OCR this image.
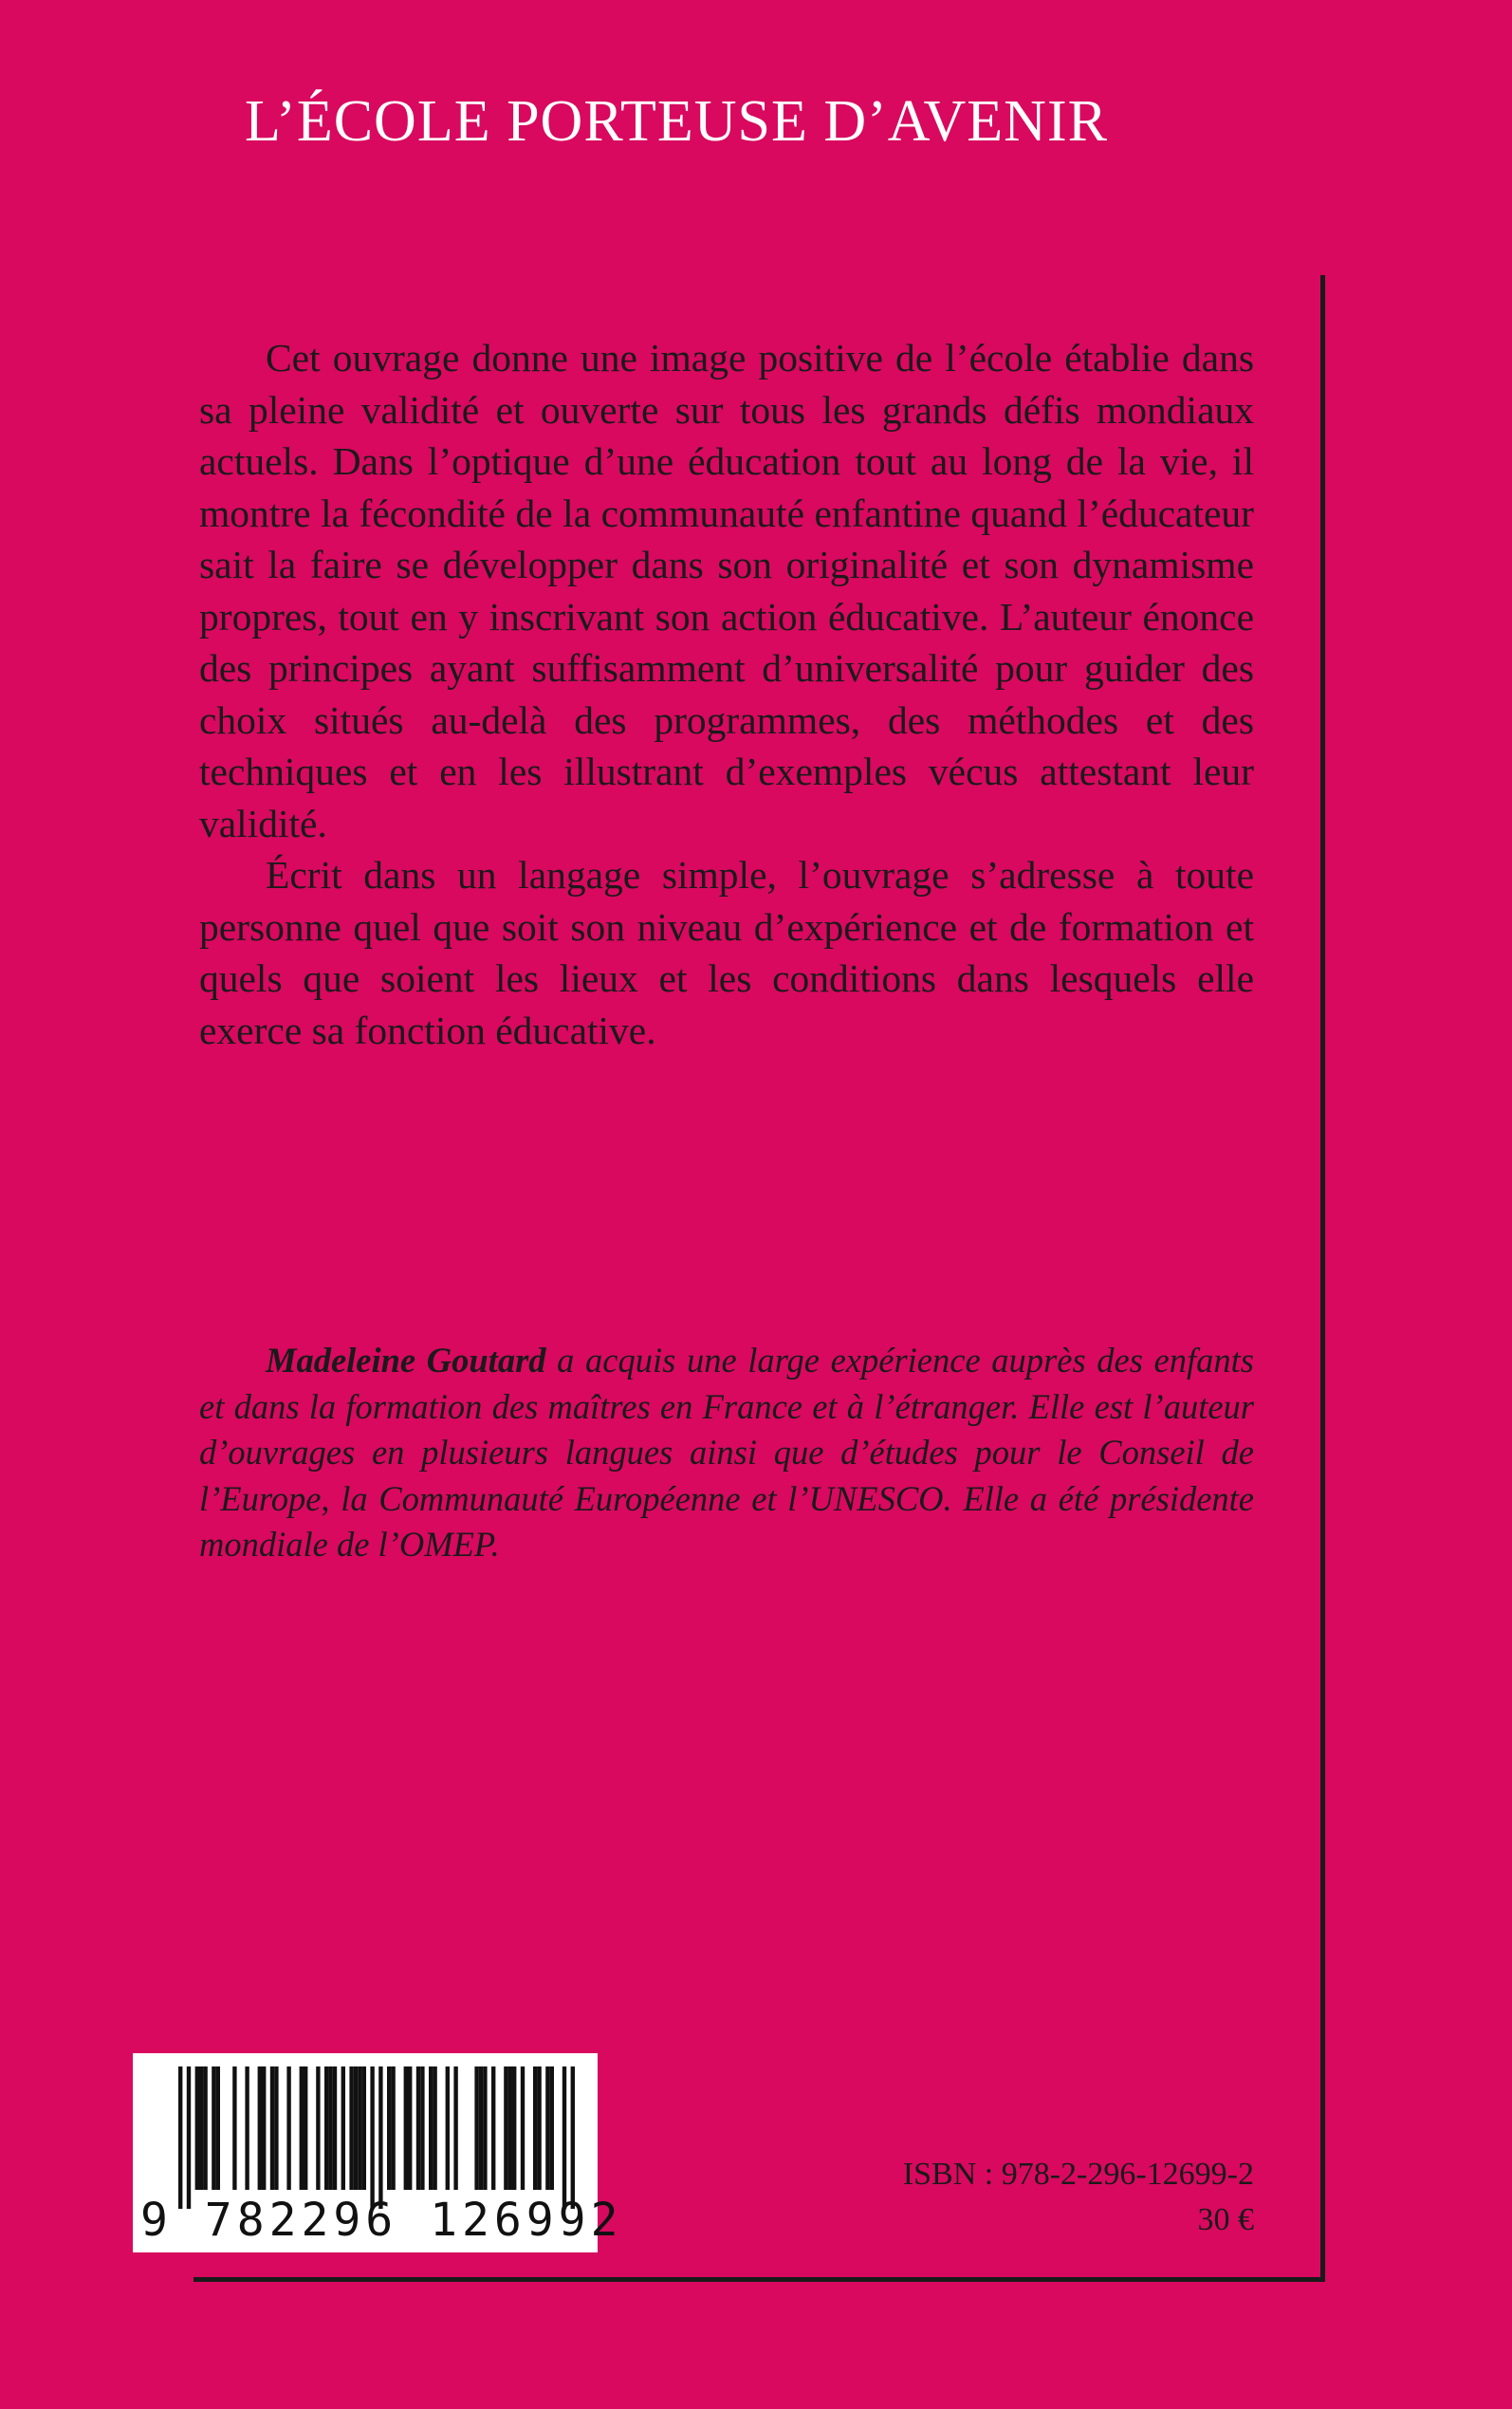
L’ÉCOLE PORTEUSE D’AVENIR

Cet ouvrage donne une image positive de l’école établie dans sa pleine validité et ouverte sur tous les grands défis mondiaux actuels. Dans l’optique d’une éducation tout au long de la vie, il montre la fécondité de la communauté enfantine quand l’éducateur sait la faire se développer dans son originalité et son dynamisme propres, tout en y inscrivant son action éducative. L’auteur énonce des principes ayant suffisamment d’universalité pour guider des choix situés au-delà des programmes, des méthodes et des techniques et en les illustrant d’exemples vécus attestant leur validité.

Écrit dans un langage simple, l’ouvrage s’adresse à toute personne quel que soit son niveau d’expérience et de formation et quels que soient les lieux et les conditions dans lesquels elle exerce sa fonction éducative.

Madeleine Goutard a acquis une large expérience auprès des enfants et dans la formation des maîtres en France et à l’étranger. Elle est l’auteur d’ouvrages en plusieurs langues ainsi que d’études pour le Conseil de l’Europe, la Communauté Européenne et l’UNESCO. Elle a été présidente mondiale de l’OMEP.

9 782296 126992
ISBN : 978-2-296-12699-2
30 €
